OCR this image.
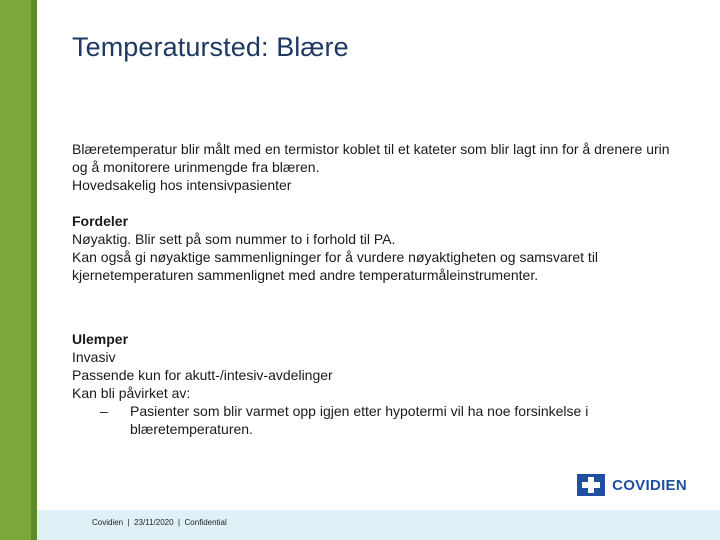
Temperatursted: Blære

Blæretemperatur blir målt med en termistor koblet til et kateter som blir lagt inn for å drenere urin og å monitorere urinmengde fra blæren.

Hovedsakelig hos intensivpasienter

Fordeler

Nøyaktig. Blir sett på som nummer to i forhold til PA.

Kan også gi nøyaktige sammenligninger for å vurdere nøyaktigheten og samsvaret til kjernetemperaturen sammenlignet med andre temperaturmåleinstrumenter.

Ulemper

Invasiv

Passende kun for akutt-/intesiv-avdelinger

Kan bli påvirket av:

–	Pasienter som blir varmet opp igjen etter hypotermi vil ha noe forsinkelse i blæretemperaturen.
Covidien  |  23/11/2020  |  Confidential
COVIDIEN
